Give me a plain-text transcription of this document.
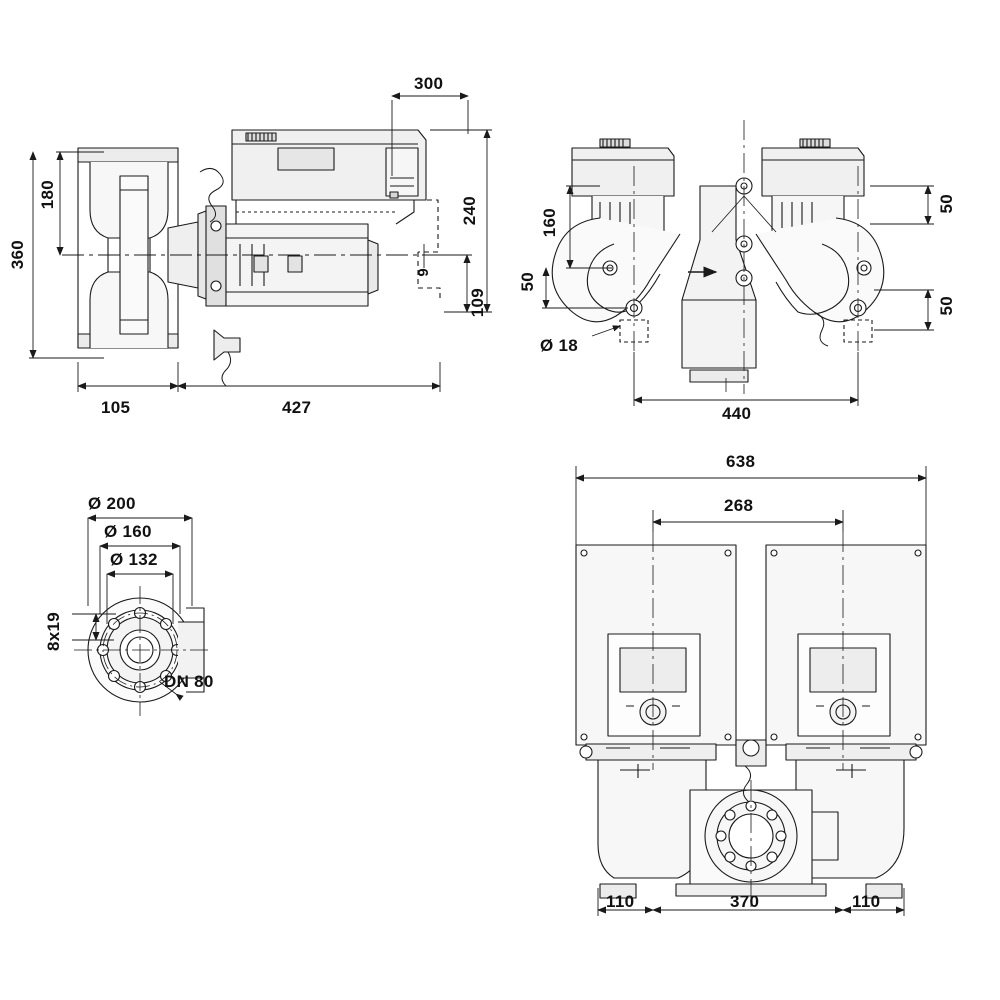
300
240
109
9
180
360
105	427
50
160
50
50
Ø 18
440
Ø 200
Ø 160
Ø 132
8x19
DN 80
638
268
110	370	110
